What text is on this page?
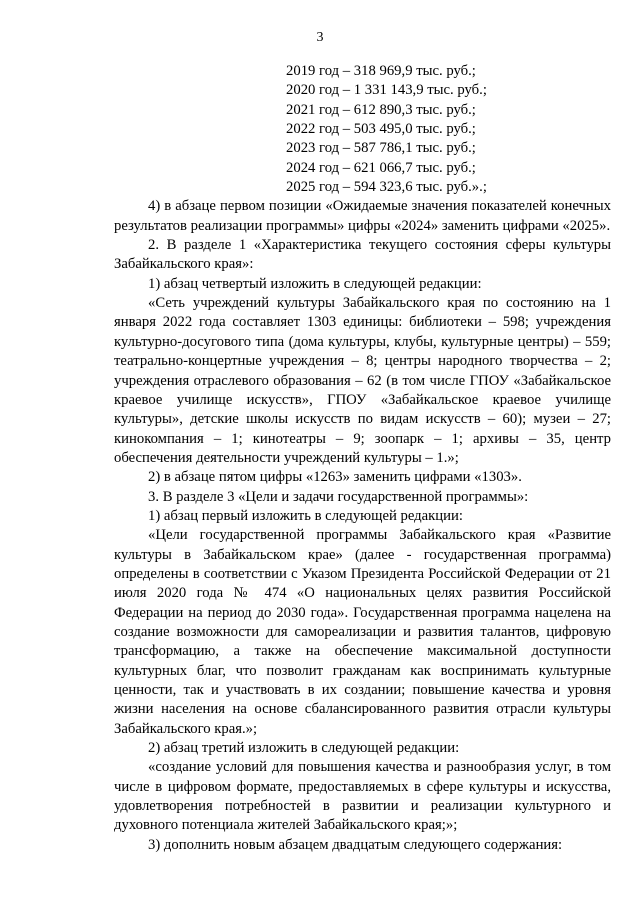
3
2019 год – 318 969,9 тыс. руб.;
2020 год – 1 331 143,9 тыс. руб.;
2021 год – 612 890,3 тыс. руб.;
2022 год – 503 495,0 тыс. руб.;
2023 год – 587 786,1 тыс. руб.;
2024 год – 621 066,7 тыс. руб.;
2025 год – 594 323,6 тыс. руб.».;

4) в абзаце первом позиции «Ожидаемые значения показателей конечных результатов реализации программы» цифры «2024» заменить цифрами «2025».

2. В разделе 1 «Характеристика текущего состояния сферы культуры Забайкальского края»:

1) абзац четвертый изложить в следующей редакции:

«Сеть учреждений культуры Забайкальского края по состоянию на 1 января 2022 года составляет 1303 единицы: библиотеки – 598; учреждения культурно-досугового типа (дома культуры, клубы, культурные центры) – 559; театрально-концертные учреждения – 8; центры народного творчества – 2; учреждения отраслевого образования – 62 (в том числе ГПОУ «Забайкальское краевое училище искусств», ГПОУ «Забайкальское краевое училище культуры», детские школы искусств по видам искусств – 60); музеи – 27; кинокомпания – 1; кинотеатры – 9; зоопарк – 1; архивы – 35, центр обеспечения деятельности учреждений культуры – 1.»;

2) в абзаце пятом цифры «1263» заменить цифрами «1303».

3. В разделе 3 «Цели и задачи государственной программы»:

1) абзац первый изложить в следующей редакции:

«Цели государственной программы Забайкальского края «Развитие культуры в Забайкальском крае» (далее - государственная программа) определены в соответствии с Указом Президента Российской Федерации от 21 июля 2020 года № 474 «О национальных целях развития Российской Федерации на период до 2030 года». Государственная программа нацелена на создание возможности для самореализации и развития талантов, цифровую трансформацию, а также на обеспечение максимальной доступности культурных благ, что позволит гражданам как воспринимать культурные ценности, так и участвовать в их создании; повышение качества и уровня жизни населения на основе сбалансированного развития отрасли культуры Забайкальского края.»;

2) абзац третий изложить в следующей редакции:

«создание условий для повышения качества и разнообразия услуг, в том числе в цифровом формате, предоставляемых в сфере культуры и искусства, удовлетворения потребностей в развитии и реализации культурного и духовного потенциала жителей Забайкальского края;»;

3) дополнить новым абзацем двадцатым следующего содержания:
